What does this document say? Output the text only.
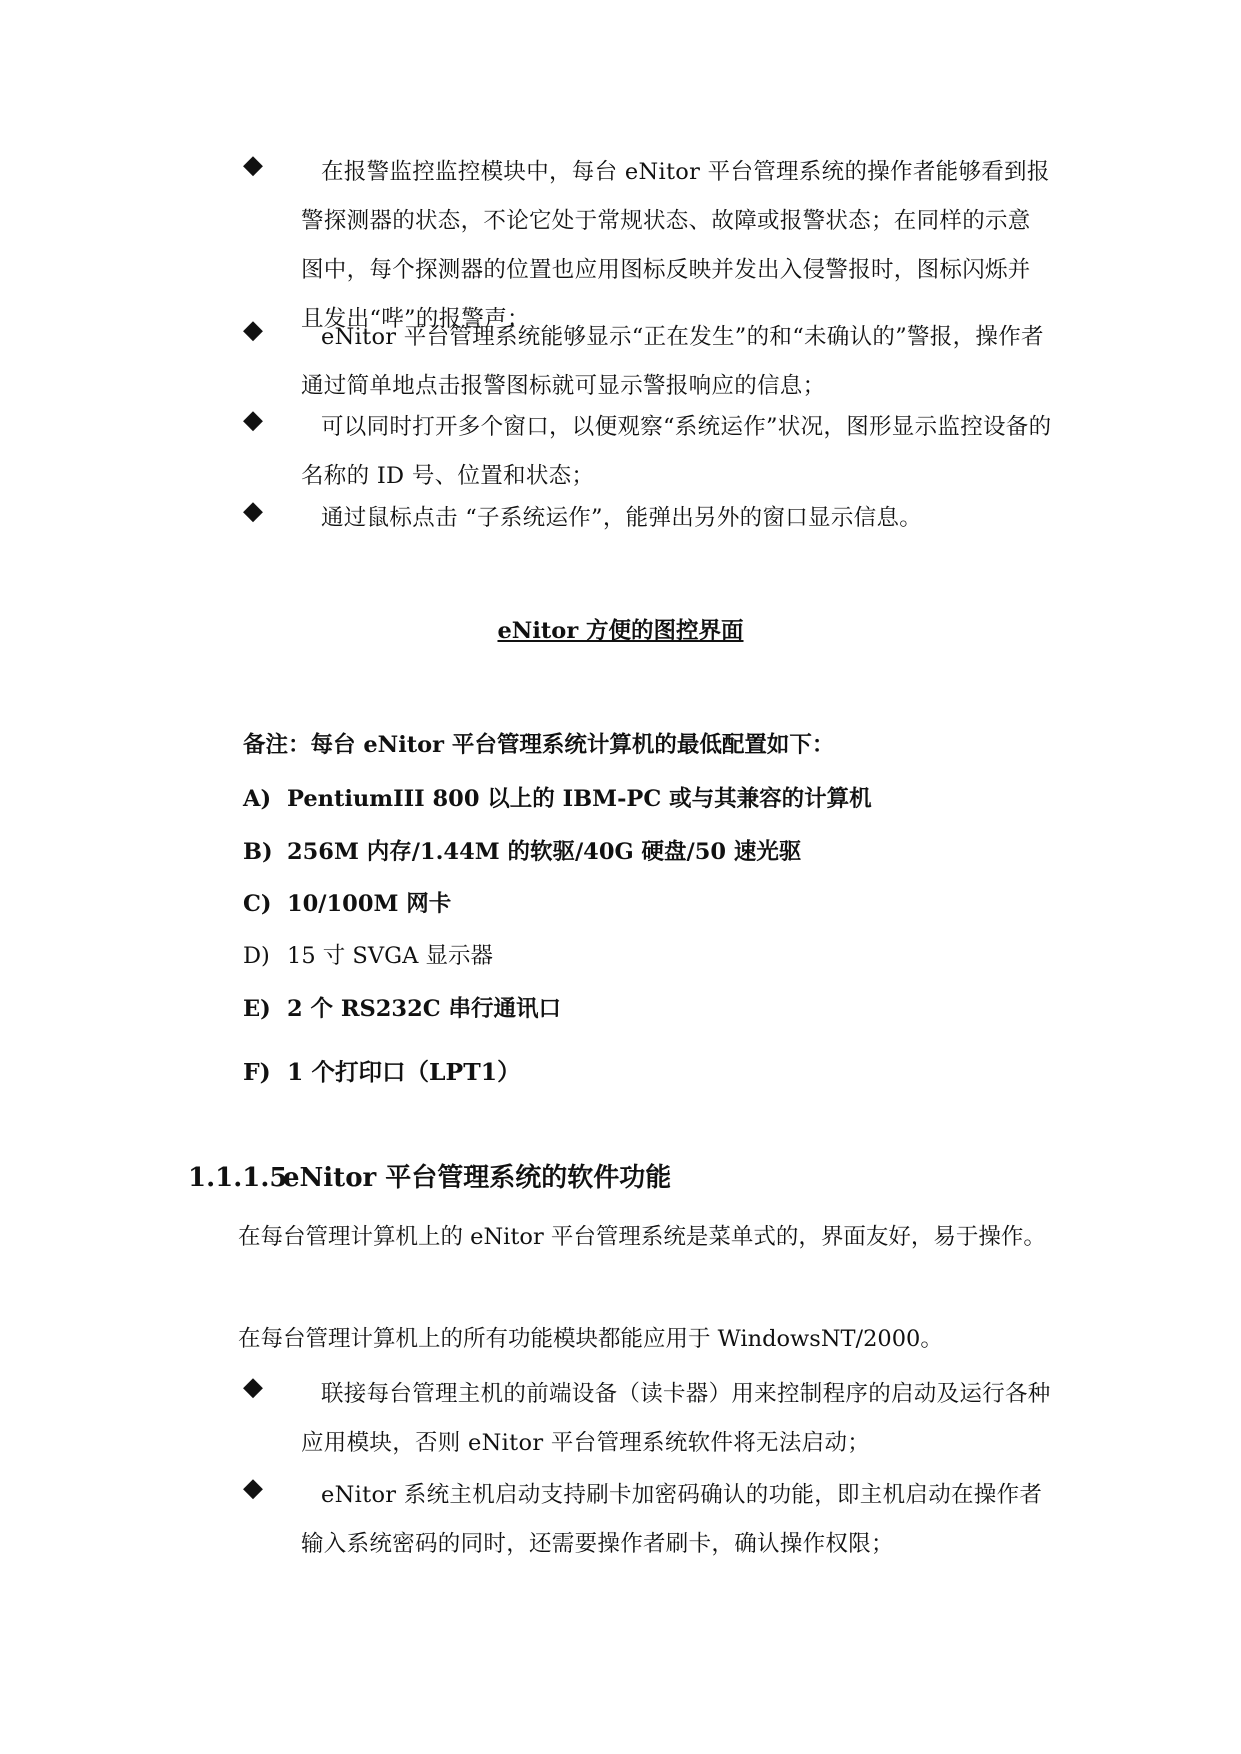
◆	在报警监控监控模块中，每台 eNitor 平台管理系统的操作者能够看到报警探测器的状态，不论它处于常规状态、故障或报警状态；在同样的示意图中，每个探测器的位置也应用图标反映并发出入侵警报时，图标闪烁并且发出“哔”的报警声；
◆	eNitor 平台管理系统能够显示“正在发生”的和“未确认的”警报，操作者通过简单地点击报警图标就可显示警报响应的信息；
◆	可以同时打开多个窗口，以便观察“系统运作”状况，图形显示监控设备的名称的 ID 号、位置和状态；
◆	通过鼠标点击 “子系统运作”，能弹出另外的窗口显示信息。
eNitor 方便的图控界面
备注：每台 eNitor 平台管理系统计算机的最低配置如下：
A) PentiumIII 800 以上的 IBM-PC 或与其兼容的计算机
B) 256M 内存/1.44M 的软驱/40G 硬盘/50 速光驱
C) 10/100M 网卡
D) 15 寸 SVGA 显示器
E) 2 个 RS232C 串行通讯口
F) 1 个打印口（LPT1）
1.1.1.5eNitor 平台管理系统的软件功能
在每台管理计算机上的 eNitor 平台管理系统是菜单式的，界面友好，易于操作。
在每台管理计算机上的所有功能模块都能应用于 WindowsNT/2000。
◆	联接每台管理主机的前端设备（读卡器）用来控制程序的启动及运行各种应用模块，否则 eNitor 平台管理系统软件将无法启动；
◆	eNitor 系统主机启动支持刷卡加密码确认的功能，即主机启动在操作者输入系统密码的同时，还需要操作者刷卡，确认操作权限；
